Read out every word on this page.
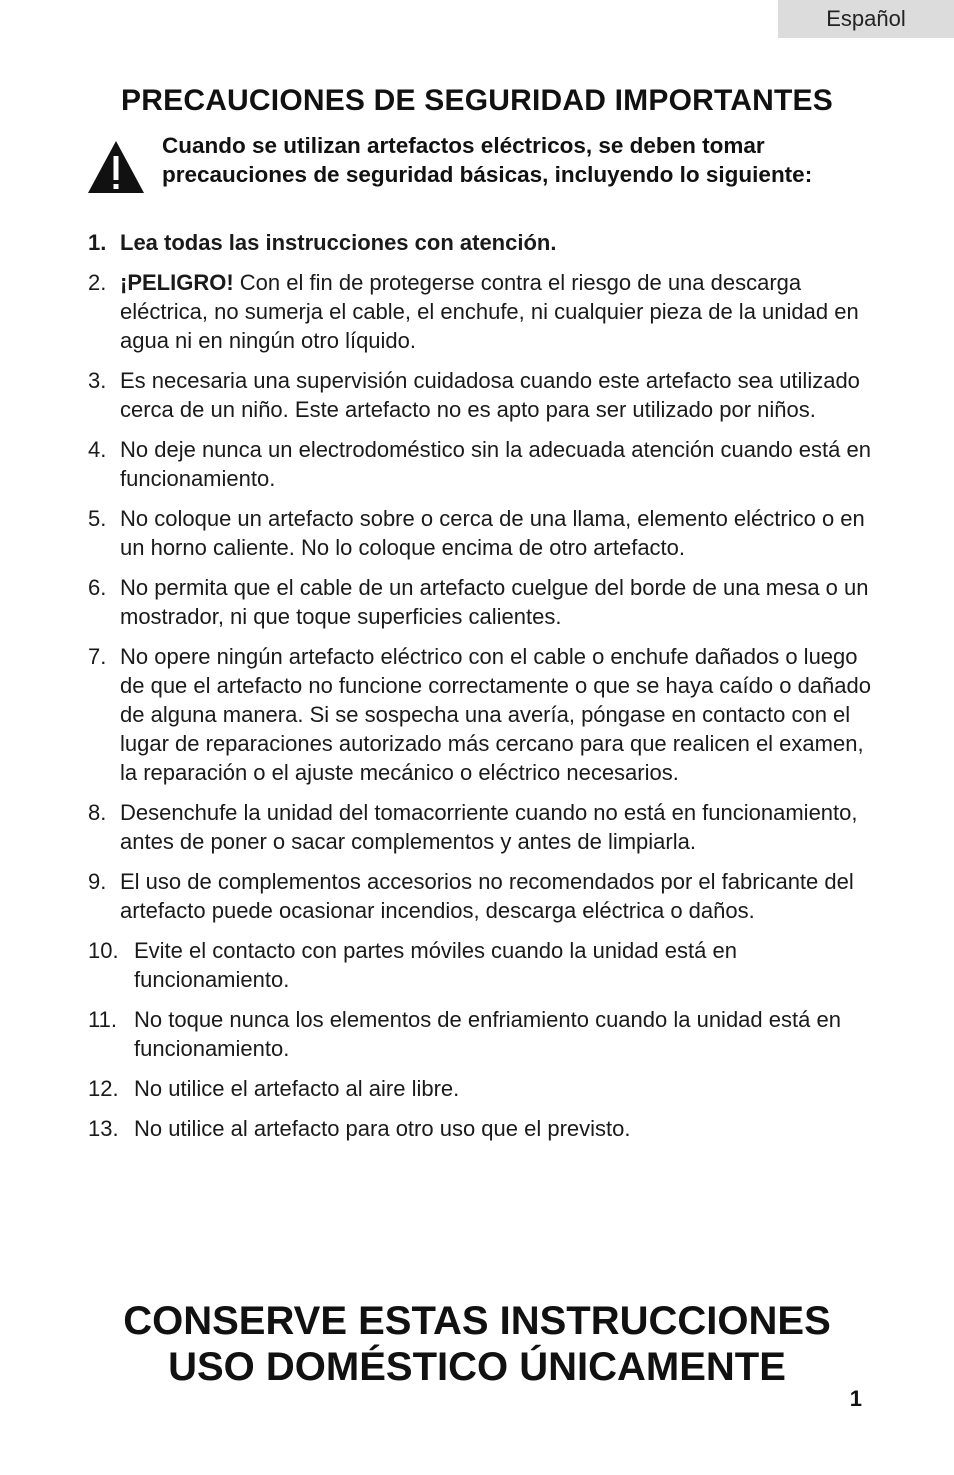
Español
PRECAUCIONES DE SEGURIDAD IMPORTANTES
Cuando se utilizan artefactos eléctricos, se deben tomar precauciones de seguridad básicas, incluyendo lo siguiente:
1. Lea todas las instrucciones con atención.
2. ¡PELIGRO! Con el fin de protegerse contra el riesgo de una descarga eléctrica, no sumerja el cable, el enchufe, ni cualquier pieza de la unidad en agua ni en ningún otro líquido.
3. Es necesaria una supervisión cuidadosa cuando este artefacto sea utilizado cerca de un niño. Este artefacto no es apto para ser utilizado por niños.
4. No deje nunca un electrodoméstico sin la adecuada atención cuando está en funcionamiento.
5. No coloque un artefacto sobre o cerca de una llama, elemento eléctrico o en un horno caliente. No lo coloque encima de otro artefacto.
6. No permita que el cable de un artefacto cuelgue del borde de una mesa o un mostrador, ni que toque superficies calientes.
7. No opere ningún artefacto eléctrico con el cable o enchufe dañados o luego de que el artefacto no funcione correctamente o que se haya caído o dañado de alguna manera. Si se sospecha una avería, póngase en contacto con el lugar de reparaciones autorizado más cercano para que realicen el examen, la reparación o el ajuste mecánico o eléctrico necesarios.
8. Desenchufe la unidad del tomacorriente cuando no está en funcionamiento, antes de poner o sacar complementos y antes de limpiarla.
9. El uso de complementos accesorios no recomendados por el fabricante del artefacto puede ocasionar incendios, descarga eléctrica o daños.
10. Evite el contacto con partes móviles cuando la unidad está en funcionamiento.
11. No toque nunca los elementos de enfriamiento cuando la unidad está en funcionamiento.
12. No utilice el artefacto al aire libre.
13. No utilice al artefacto para otro uso que el previsto.
CONSERVE ESTAS INSTRUCCIONES
USO DOMÉSTICO ÚNICAMENTE
1
